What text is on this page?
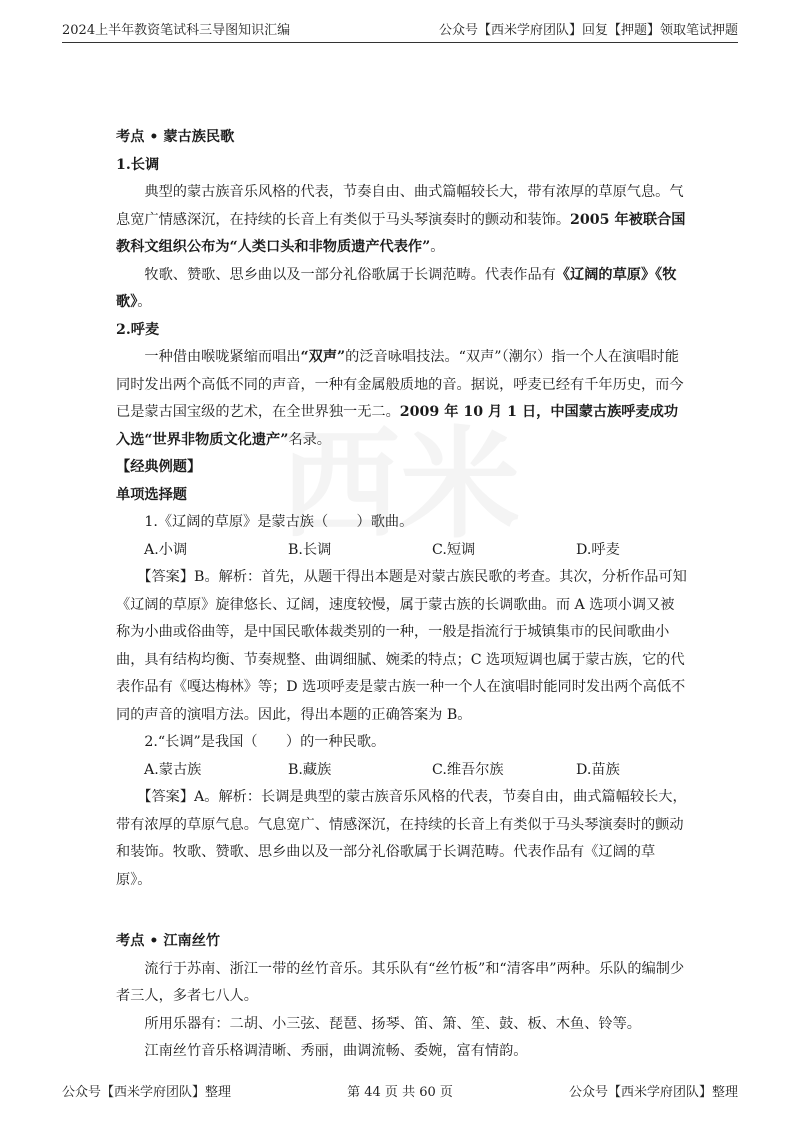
2024上半年教资笔试科三导图知识汇编	公众号【西米学府团队】回复【押题】领取笔试押题

考点 • 蒙古族民歌

1.长调

　　典型的蒙古族音乐风格的代表，节奏自由、曲式篇幅较长大，带有浓厚的草原气息。气息宽广情感深沉，在持续的长音上有类似于马头琴演奏时的颤动和装饰。2005 年被联合国教科文组织公布为“人类口头和非物质遗产代表作”。

　　牧歌、赞歌、思乡曲以及一部分礼俗歌属于长调范畴。代表作品有《辽阔的草原》《牧歌》。

2.呼麦

　　一种借由喉咙紧缩而唱出“双声”的泛音咏唱技法。“双声”（潮尔）指一个人在演唱时能同时发出两个高低不同的声音，一种有金属般质地的音。据说，呼麦已经有千年历史，而今已是蒙古国宝级的艺术，在全世界独一无二。2009 年 10 月 1 日，中国蒙古族呼麦成功入选“世界非物质文化遗产”名录。

【经典例题】

单项选择题

　　1.《辽阔的草原》是蒙古族（　　）歌曲。

A.小调	B.长调	C.短调	D.呼麦

　　【答案】B。解析：首先，从题干得出本题是对蒙古族民歌的考查。其次，分析作品可知《辽阔的草原》旋律悠长、辽阔，速度较慢，属于蒙古族的长调歌曲。而 A 选项小调又被称为小曲或俗曲等，是中国民歌体裁类别的一种，一般是指流行于城镇集市的民间歌曲小曲，具有结构均衡、节奏规整、曲调细腻、婉柔的特点；C 选项短调也属于蒙古族，它的代表作品有《嘎达梅林》等；D 选项呼麦是蒙古族一种一个人在演唱时能同时发出两个高低不同的声音的演唱方法。因此，得出本题的正确答案为 B。

　　2.“长调”是我国（　　）的一种民歌。

A.蒙古族	B.藏族	C.维吾尔族	D.苗族

　　【答案】A。解析：长调是典型的蒙古族音乐风格的代表，节奏自由，曲式篇幅较长大，带有浓厚的草原气息。气息宽广、情感深沉，在持续的长音上有类似于马头琴演奏时的颤动和装饰。牧歌、赞歌、思乡曲以及一部分礼俗歌属于长调范畴。代表作品有《辽阔的草原》。

考点 • 江南丝竹

　　流行于苏南、浙江一带的丝竹音乐。其乐队有“丝竹板”和“清客串”两种。乐队的编制少者三人，多者七八人。

　　所用乐器有：二胡、小三弦、琵琶、扬琴、笛、箫、笙、鼓、板、木鱼、铃等。

　　江南丝竹音乐格调清晰、秀丽，曲调流畅、委婉，富有情韵。

公众号【西米学府团队】整理	第 44 页 共 60 页	公众号【西米学府团队】整理
